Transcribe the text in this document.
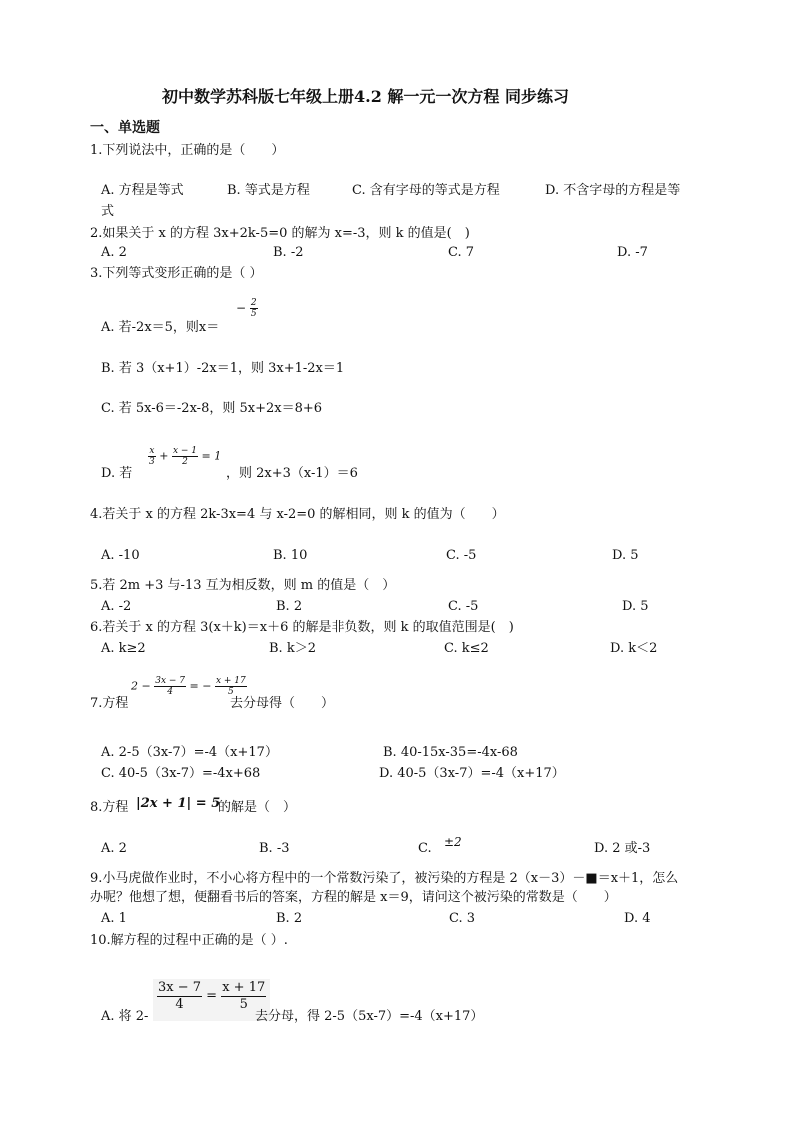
初中数学苏科版七年级上册4.2 解一元一次方程 同步练习
一、单选题
1.下列说法中，正确的是（　　）
A. 方程是等式	B. 等式是方程	C. 含有字母的等式是方程	D. 不含字母的方程是等
式
2.如果关于 x 的方程 3x+2k-5=0 的解为 x=-3，则 k 的值是(　)
A. 2	B. -2	C. 7	D. -7
3.下列等式变形正确的是（ ）
A. 若-2x＝5，则x＝
− $\frac{2}{5}$
B. 若 3（x+1）-2x＝1，则 3x+1-2x＝1
C. 若 5x-6＝-2x-8，则 5x+2x＝8+6
D. 若
$\frac{x}{3} + \frac{x - 1}{2} = 1$
，则 2x+3（x-1）＝6
4.若关于 x 的方程 2k-3x=4 与 x-2=0 的解相同，则 k 的值为（　　）
A. -10	B. 10	C. -5	D. 5
5.若 2m +3 与-13 互为相反数，则 m 的值是（　）
A. -2	B. 2	C. -5	D. 5
6.若关于 x 的方程 3(x＋k)＝x＋6 的解是非负数，则 k 的取值范围是(　)
A. k≥2	B. k＞2	C. k≤2	D. k＜2
7.方程
$2 - \frac{3x - 7}{4}$ = − $\frac{x + 17}{5}$
去分母得（　　）
A. 2-5（3x-7）=-4（x+17）	B. 40-15x-35=-4x-68
C. 40-5（3x-7）=-4x+68	D. 40-5（3x-7）=-4（x+17）
8.方程 |2x + 1| = 5
的解是（　）
A. 2	B. -3	C. ±2	D. 2 或-3
9.小马虎做作业时，不小心将方程中的一个常数污染了，被污染的方程是 2（x－3）－■＝x＋1，怎么
办呢？他想了想，便翻看书后的答案，方程的解是 x＝9，请问这个被污染的常数是（　　）
A. 1	B. 2	C. 3	D. 4
10.解方程的过程中正确的是（ ）.
A. 将 2-
$\frac{3x - 7}{4} = \frac{x + 17}{5}$
去分母，得 2-5（5x-7）=-4（x+17）
